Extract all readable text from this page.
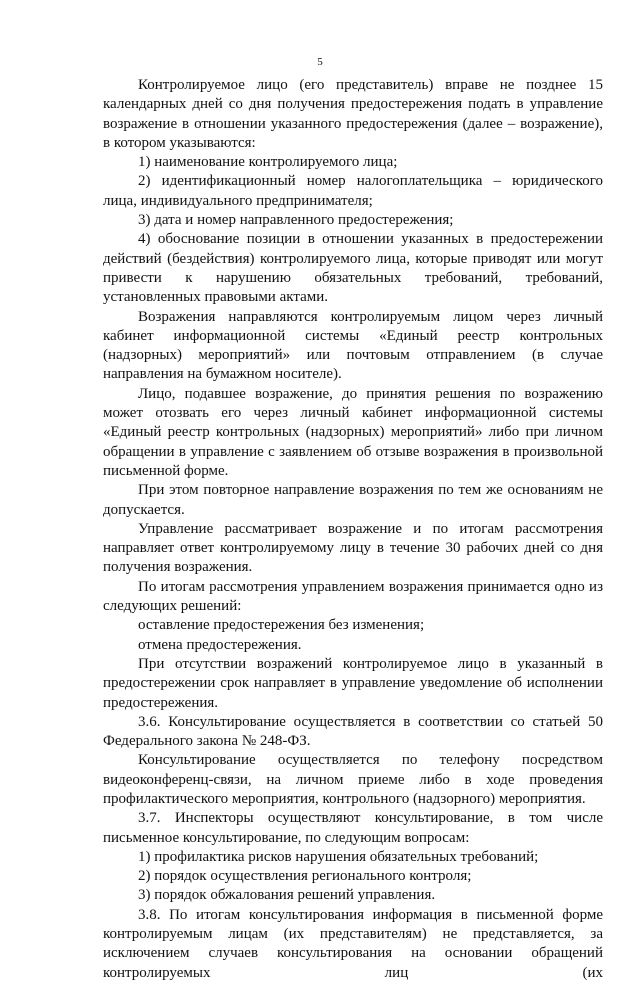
5

Контролируемое лицо (его представитель) вправе не позднее 15 календарных дней со дня получения предостережения подать в управление возражение в отношении указанного предостережения (далее – возражение), в котором указываются:

1) наименование контролируемого лица;

2) идентификационный номер налогоплательщика – юридического лица, индивидуального предпринимателя;

3) дата и номер направленного предостережения;

4) обоснование позиции в отношении указанных в предостережении действий (бездействия) контролируемого лица, которые приводят или могут привести к нарушению обязательных требований, требований, установленных правовыми актами.

Возражения направляются контролируемым лицом через личный кабинет информационной системы «Единый реестр контрольных (надзорных) мероприятий» или почтовым отправлением (в случае направления на бумажном носителе).

Лицо, подавшее возражение, до принятия решения по возражению может отозвать его через личный кабинет информационной системы «Единый реестр контрольных (надзорных) мероприятий» либо при личном обращении в управление с заявлением об отзыве возражения в произвольной письменной форме.

При этом повторное направление возражения по тем же основаниям не допускается.

Управление рассматривает возражение и по итогам рассмотрения направляет ответ контролируемому лицу в течение 30 рабочих дней со дня получения возражения.

По итогам рассмотрения управлением возражения принимается одно из следующих решений:

оставление предостережения без изменения;

отмена предостережения.

При отсутствии возражений контролируемое лицо в указанный в предостережении срок направляет в управление уведомление об исполнении предостережения.

3.6. Консультирование осуществляется в соответствии со статьей 50 Федерального закона № 248-ФЗ.

Консультирование осуществляется по телефону посредством видеоконференц-связи, на личном приеме либо в ходе проведения профилактического мероприятия, контрольного (надзорного) мероприятия.

3.7. Инспекторы осуществляют консультирование, в том числе письменное консультирование, по следующим вопросам:

1) профилактика рисков нарушения обязательных требований;

2) порядок осуществления регионального контроля;

3) порядок обжалования решений управления.

3.8. По итогам консультирования информация в письменной форме контролируемым лицам (их представителям) не представляется, за исключением случаев консультирования на основании обращений контролируемых лиц (их
